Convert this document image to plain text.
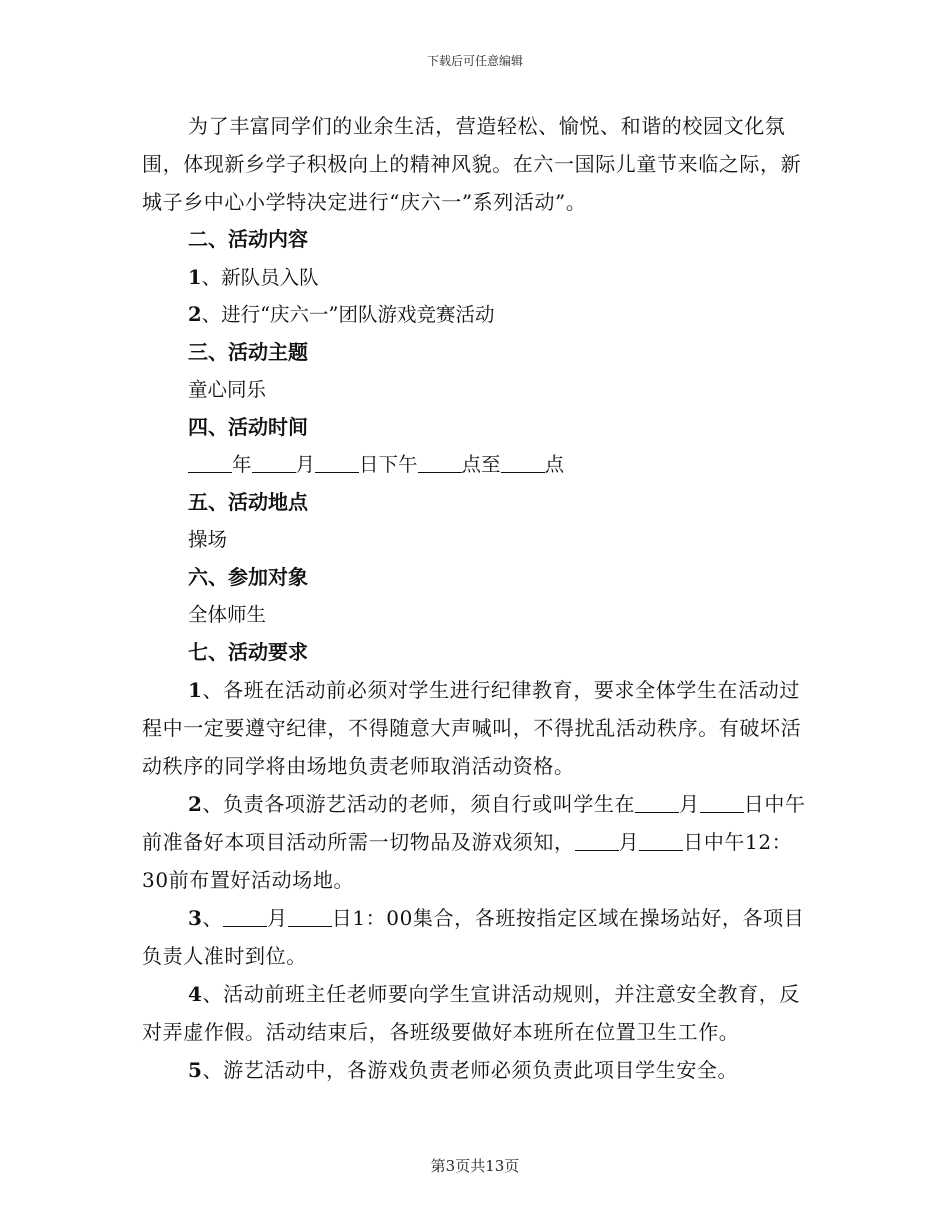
下载后可任意编辑

为了丰富同学们的业余生活，营造轻松、愉悦、和谐的校园文化氛围，体现新乡学子积极向上的精神风貌。在六一国际儿童节来临之际，新城子乡中心小学特决定进行“庆六一”系列活动”。

二、活动内容

1、新队员入队

2、进行“庆六一”团队游戏竞赛活动

三、活动主题

童心同乐

四、活动时间

年 月 日下午 点至 点

五、活动地点

操场

六、参加对象

全体师生

七、活动要求

1、各班在活动前必须对学生进行纪律教育，要求全体学生在活动过程中一定要遵守纪律，不得随意大声喊叫，不得扰乱活动秩序。有破坏活动秩序的同学将由场地负责老师取消活动资格。

2、负责各项游艺活动的老师，须自行或叫学生在 月 日中午前准备好本项目活动所需一切物品及游戏须知， 月 日中午12：30前布置好活动场地。

3、 月 日1：00集合，各班按指定区域在操场站好，各项目负责人准时到位。

4、活动前班主任老师要向学生宣讲活动规则，并注意安全教育，反对弄虚作假。活动结束后，各班级要做好本班所在位置卫生工作。

5、游艺活动中，各游戏负责老师必须负责此项目学生安全。

第3页共13页
